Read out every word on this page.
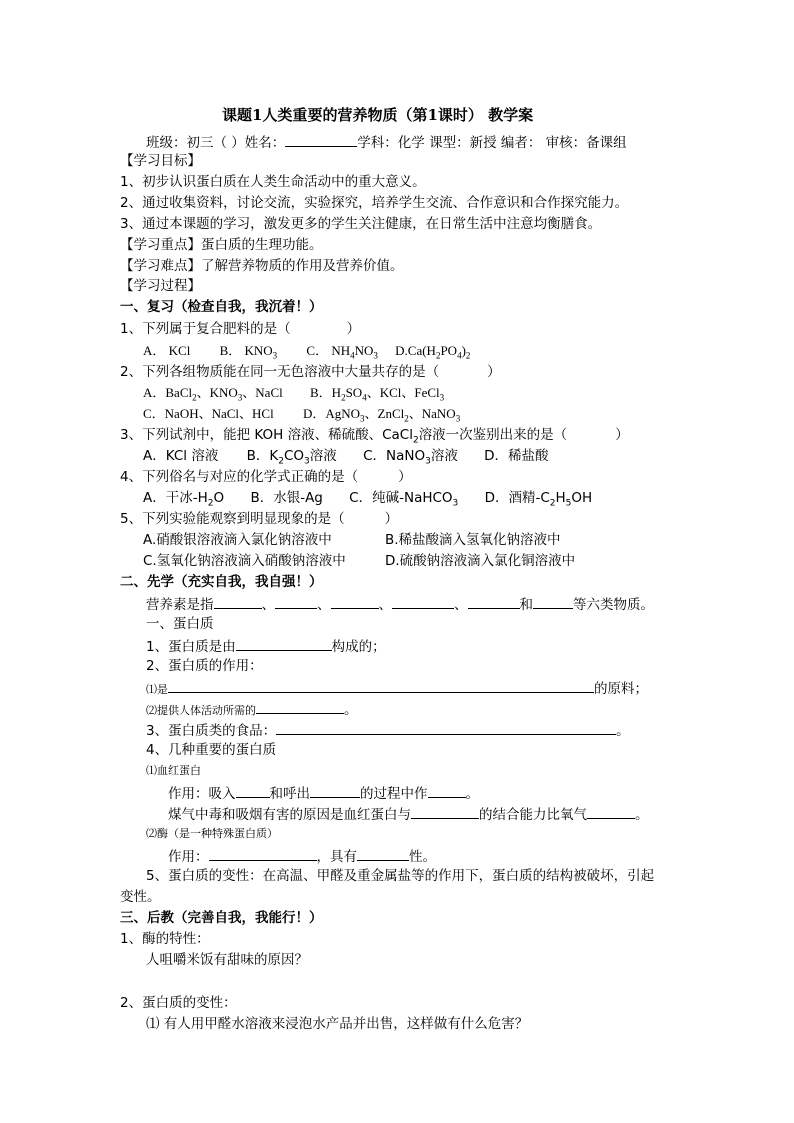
课题1人类重要的营养物质（第1课时） 教学案
班级：初三（ ）姓名：	学科：化学 课型：新授 编者： 审核：备课组
【学习目标】
1、初步认识蛋白质在人类生命活动中的重大意义。
2、通过收集资料，讨论交流，实验探究，培养学生交流、合作意识和合作探究能力。
3、通过本课题的学习，激发更多的学生关注健康，在日常生活中注意均衡膳食。
【学习重点】蛋白质的生理功能。
【学习难点】了解营养物质的作用及营养价值。
【学习过程】
一、复习（检查自我，我沉着！）
1、下列属于复合肥料的是（	）
A． KCl B． $KNO_3$ C． $NH_4NO_3$ $D.Ca(H_2PO_4)_2$
2、下列各组物质能在同一无色溶液中大量共存的是（	）
A．BaCl$_2$、$KNO_3$、NaCl B．$H_2SO_4$、KCl、FeCl$_3$
C．NaOH、NaCl、HCl D．AgNO$_3$、ZnCl$_2$、NaNO$_3$
3、下列试剂中，能把 KOH 溶液、稀硫酸、CaCl$_2$溶液一次鉴别出来的是（	）
A．KCl 溶液 B．$K_2CO_3$溶液 C．NaNO$_3$溶液 D．稀盐酸
4、下列俗名与对应的化学式正确的是（	）
A．干冰$-H_2O$ B．水银-Ag C．纯碱-NaHCO$_3$ D．酒精$-C_2H_5OH$
5、下列实验能观察到明显现象的是（	）
A.硝酸银溶液滴入氯化钠溶液中	B.稀盐酸滴入氢氧化钠溶液中
C.氢氧化钠溶液滴入硝酸钠溶液中	D.硫酸钠溶液滴入氯化铜溶液中
二、先学（充实自我，我自强！）
营养素是指	、	、	、	、	和	等六类物质。
一、蛋白质
1、蛋白质是由	构成的；
2、蛋白质的作用：
⑴是	的原料；
⑵提供人体活动所需的	。
3、蛋白质类的食品：	。
4、几种重要的蛋白质
⑴血红蛋白
作用：吸入	和呼出	的过程中作	。
煤气中毒和吸烟有害的原因是血红蛋白与	的结合能力比氧气	。
⑵酶（是一种特殊蛋白质）
作用：	，具有	性。
5、蛋白质的变性：在高温、甲醛及重金属盐等的作用下，蛋白质的结构被破坏，引起
变性。
三、后教（完善自我，我能行！）
1、酶的特性：
人咀嚼米饭有甜味的原因？
2、蛋白质的变性：
⑴ 有人用甲醛水溶液来浸泡水产品并出售，这样做有什么危害？
